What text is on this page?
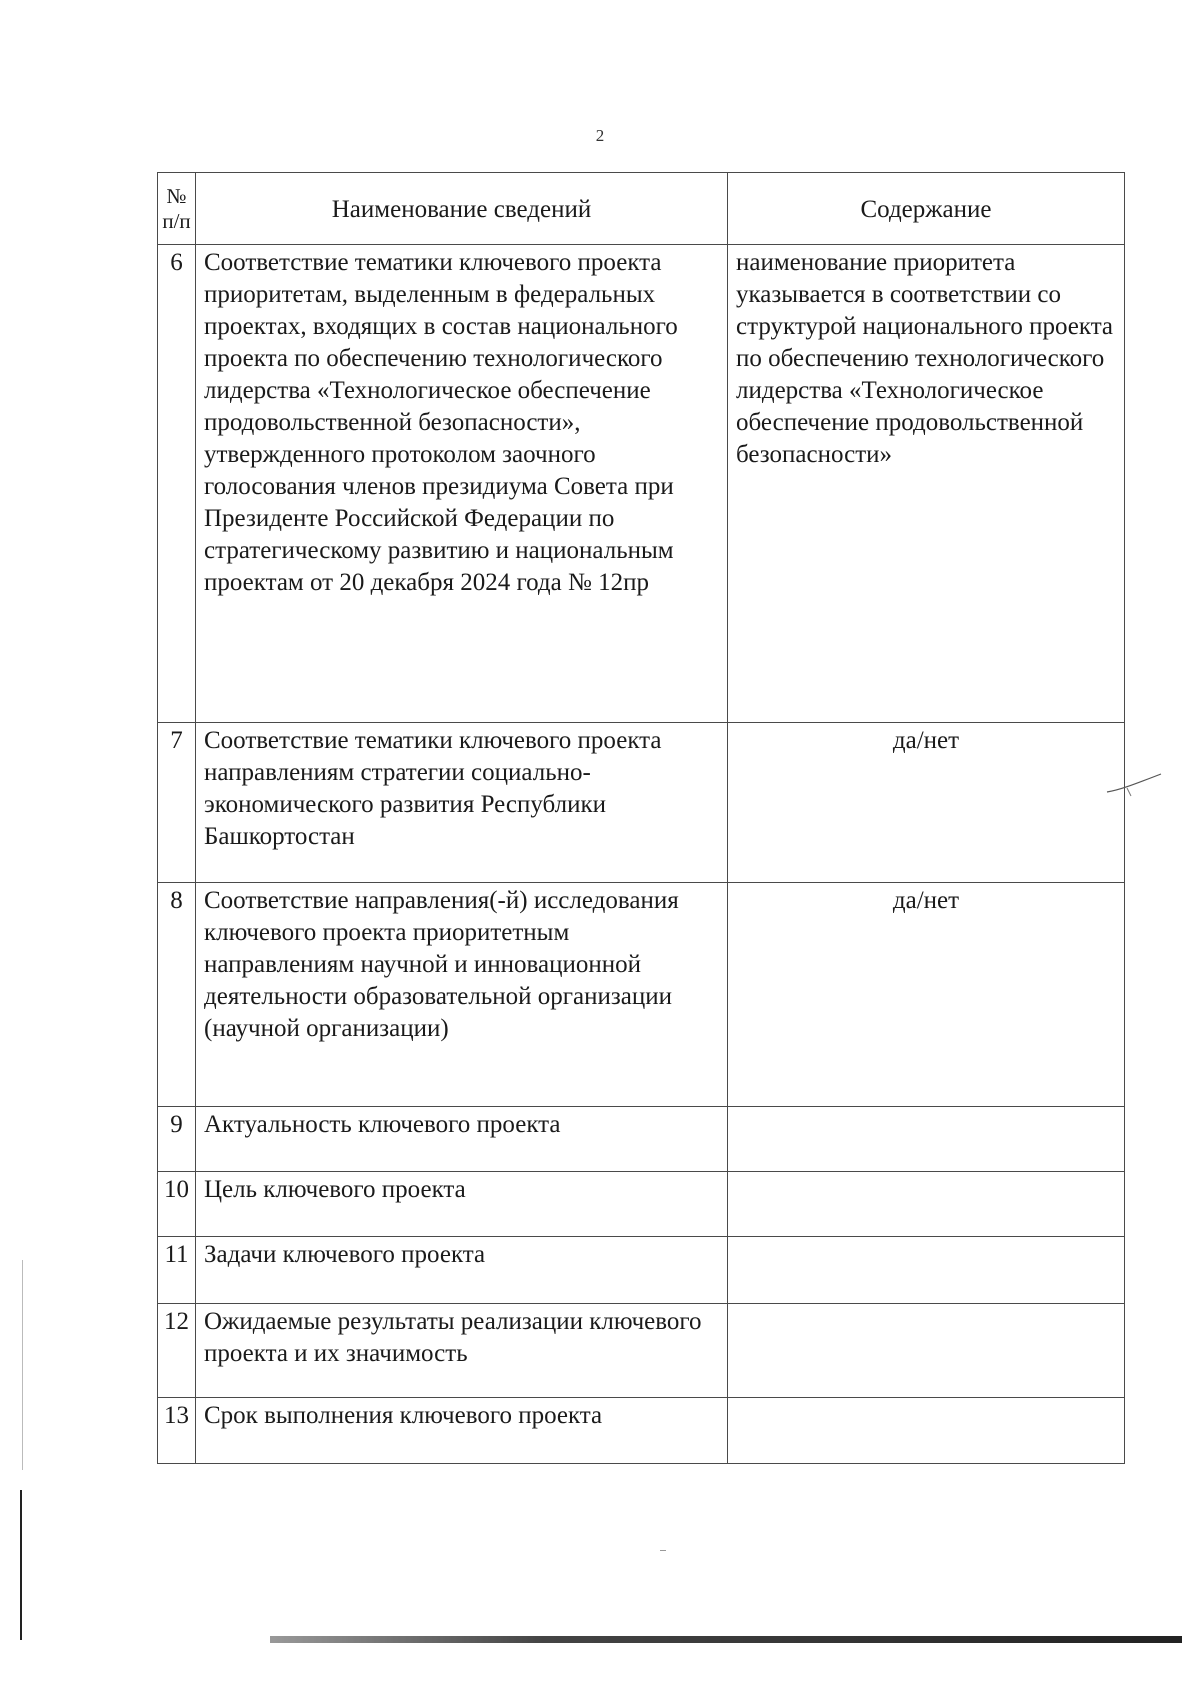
2
№ п/п	Наименование сведений	Содержание
6	Соответствие тематики ключевого проекта приоритетам, выделенным в федеральных проектах, входящих в состав национального проекта по обеспечению технологического лидерства «Технологическое обеспечение продовольственной безопасности», утвержденного протоколом заочного голосования членов президиума Совета при Президенте Российской Федерации по стратегическому развитию и национальным проектам от 20 декабря 2024 года № 12пр	наименование приоритета указывается в соответствии со структурой национального проекта по обеспечению технологического лидерства «Технологическое обеспечение продовольственной безопасности»
7	Соответствие тематики ключевого проекта направлениям стратегии социально-экономического развития Республики Башкортостан	да/нет
8	Соответствие направления(-й) исследования ключевого проекта приоритетным направлениям научной и инновационной деятельности образовательной организации (научной организации)	да/нет
9	Актуальность ключевого проекта	
10	Цель ключевого проекта	
11	Задачи ключевого проекта	
12	Ожидаемые результаты реализации ключевого проекта и их значимость	
13	Срок выполнения ключевого проекта	
